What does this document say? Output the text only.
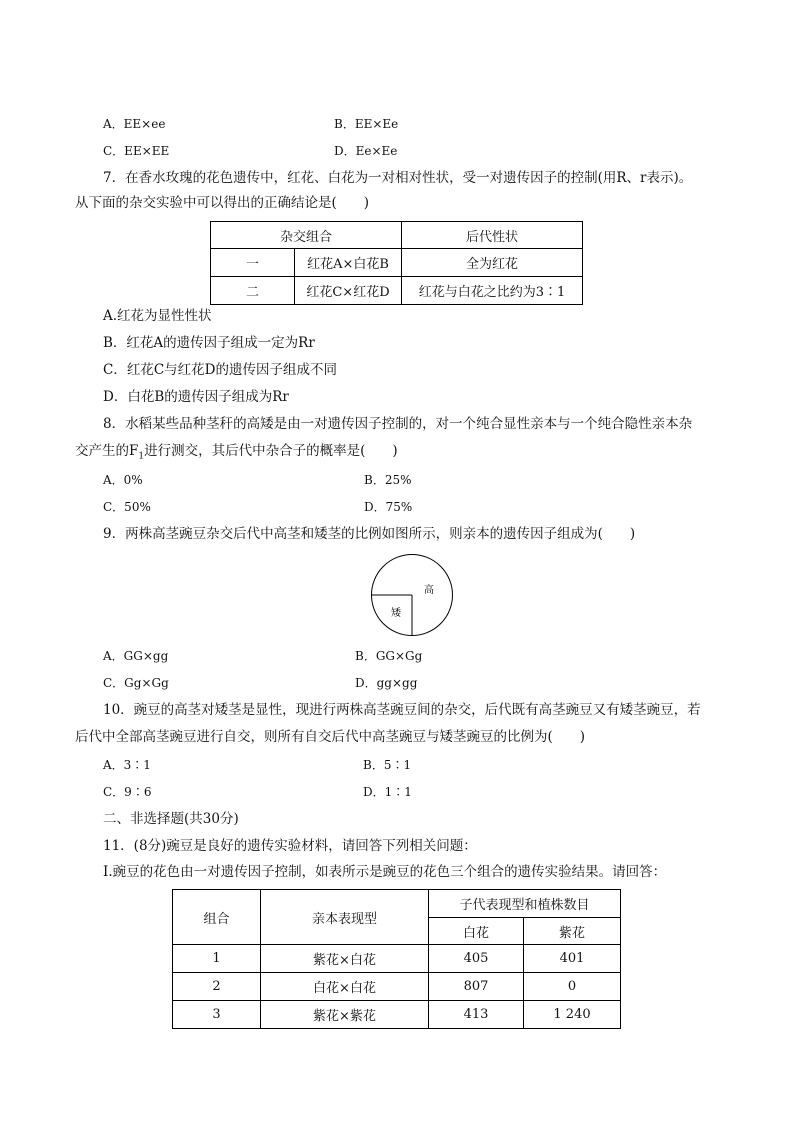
A．EE×ee	B．EE×Ee
C．EE×EE	D．Ee×Ee
7．在香水玫瑰的花色遗传中，红花、白花为一对相对性状，受一对遗传因子的控制(用R、r表示)。
从下面的杂交实验中可以得出的正确结论是(　　)
杂交组合		后代性状
一	红花A×白花B	全为红花
二	红花C×红花D	红花与白花之比约为3∶1
A.红花为显性性状
B．红花A的遗传因子组成一定为Rr
C．红花C与红花D的遗传因子组成不同
D．白花B的遗传因子组成为Rr
8．水稻某些品种茎秆的高矮是由一对遗传因子控制的，对一个纯合显性亲本与一个纯合隐性亲本杂
交产生的$F_1$进行测交，其后代中杂合子的概率是(　　)
A．0%	B．25%
C．50%	D．75%
9．两株高茎豌豆杂交后代中高茎和矮茎的比例如图所示，则亲本的遗传因子组成为(　　)
高
矮
A．GG×gg	B．GG×Gg
C．Gg×Gg	D．gg×gg
10．豌豆的高茎对矮茎是显性，现进行两株高茎豌豆间的杂交，后代既有高茎豌豆又有矮茎豌豆，若
后代中全部高茎豌豆进行自交，则所有自交后代中高茎豌豆与矮茎豌豆的比例为(　　)
A．3∶1	B．5∶1
C．9∶6	D．1∶1
二、非选择题(共30分)
11．(8分)豌豆是良好的遗传实验材料，请回答下列相关问题：
Ⅰ.豌豆的花色由一对遗传因子控制，如表所示是豌豆的花色三个组合的遗传实验结果。请回答：
组合	亲本表现型	子代表现型和植株数目	
		白花	紫花
1	紫花×白花	405	401
2	白花×白花	807	0
3	紫花×紫花	413	1 240
